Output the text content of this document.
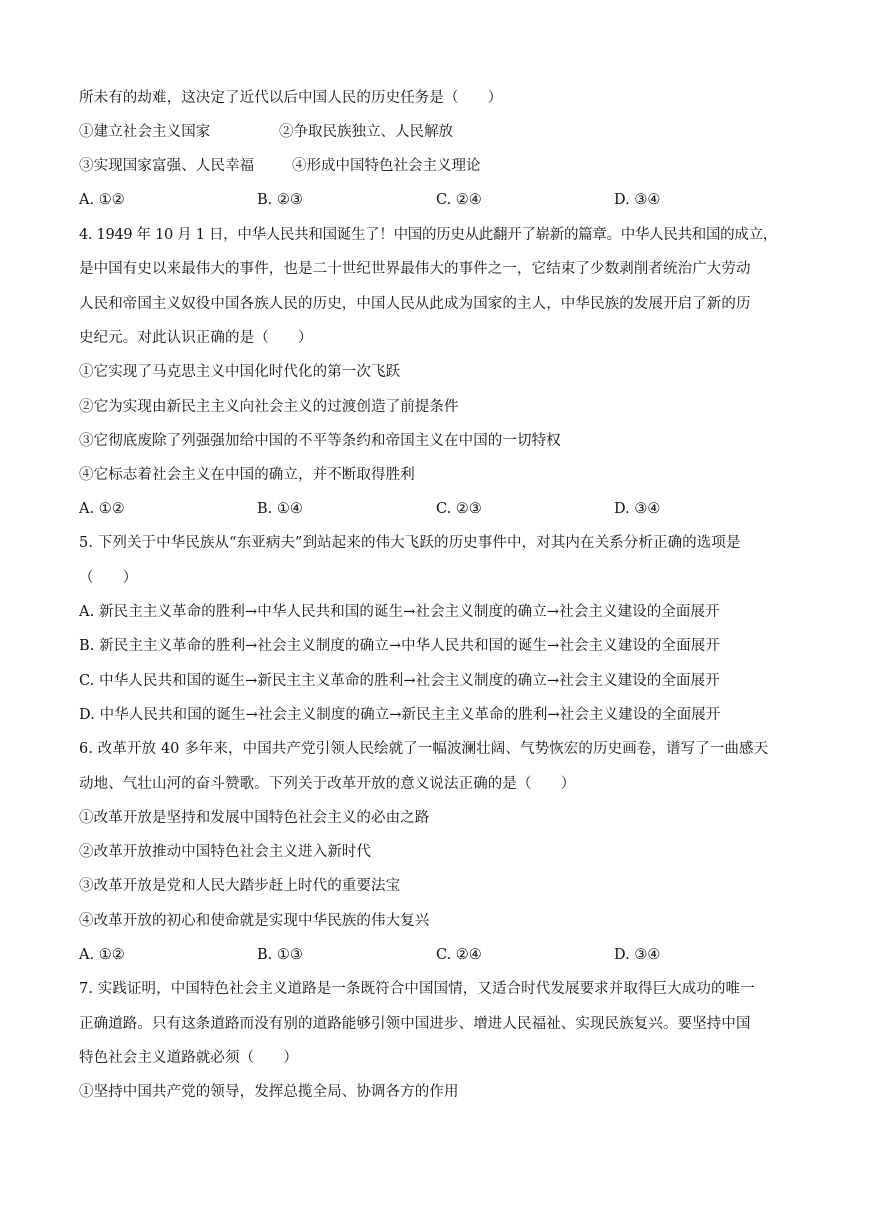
所未有的劫难，这决定了近代以后中国人民的历史任务是（　　）
①建立社会主义国家	②争取民族独立、人民解放
③实现国家富强、人民幸福	④形成中国特色社会主义理论
A. ①②	B. ②③	C. ②④	D. ③④
4. 1949 年 10 月 1 日，中华人民共和国诞生了！中国的历史从此翻开了崭新的篇章。中华人民共和国的成立，
是中国有史以来最伟大的事件，也是二十世纪世界最伟大的事件之一，它结束了少数剥削者统治广大劳动
人民和帝国主义奴役中国各族人民的历史，中国人民从此成为国家的主人，中华民族的发展开启了新的历
史纪元。对此认识正确的是（　　）
①它实现了马克思主义中国化时代化的第一次飞跃
②它为实现由新民主主义向社会主义的过渡创造了前提条件
③它彻底废除了列强强加给中国的不平等条约和帝国主义在中国的一切特权
④它标志着社会主义在中国的确立，并不断取得胜利
A. ①②	B. ①④	C. ②③	D. ③④
5. 下列关于中华民族从“东亚病夫”到站起来的伟大飞跃的历史事件中，对其内在关系分析正确的选项是
（　　）
A. 新民主主义革命的胜利→中华人民共和国的诞生→社会主义制度的确立→社会主义建设的全面展开
B. 新民主主义革命的胜利→社会主义制度的确立→中华人民共和国的诞生→社会主义建设的全面展开
C. 中华人民共和国的诞生→新民主主义革命的胜利→社会主义制度的确立→社会主义建设的全面展开
D. 中华人民共和国的诞生→社会主义制度的确立→新民主主义革命的胜利→社会主义建设的全面展开
6. 改革开放 40 多年来，中国共产党引领人民绘就了一幅波澜壮阔、气势恢宏的历史画卷，谱写了一曲感天
动地、气壮山河的奋斗赞歌。下列关于改革开放的意义说法正确的是（　　）
①改革开放是坚持和发展中国特色社会主义的必由之路
②改革开放推动中国特色社会主义进入新时代
③改革开放是党和人民大踏步赶上时代的重要法宝
④改革开放的初心和使命就是实现中华民族的伟大复兴
A. ①②	B. ①③	C. ②④	D. ③④
7. 实践证明，中国特色社会主义道路是一条既符合中国国情，又适合时代发展要求并取得巨大成功的唯一
正确道路。只有这条道路而没有别的道路能够引领中国进步、增进人民福祉、实现民族复兴。要坚持中国
特色社会主义道路就必须（　　）
①坚持中国共产党的领导，发挥总揽全局、协调各方的作用
